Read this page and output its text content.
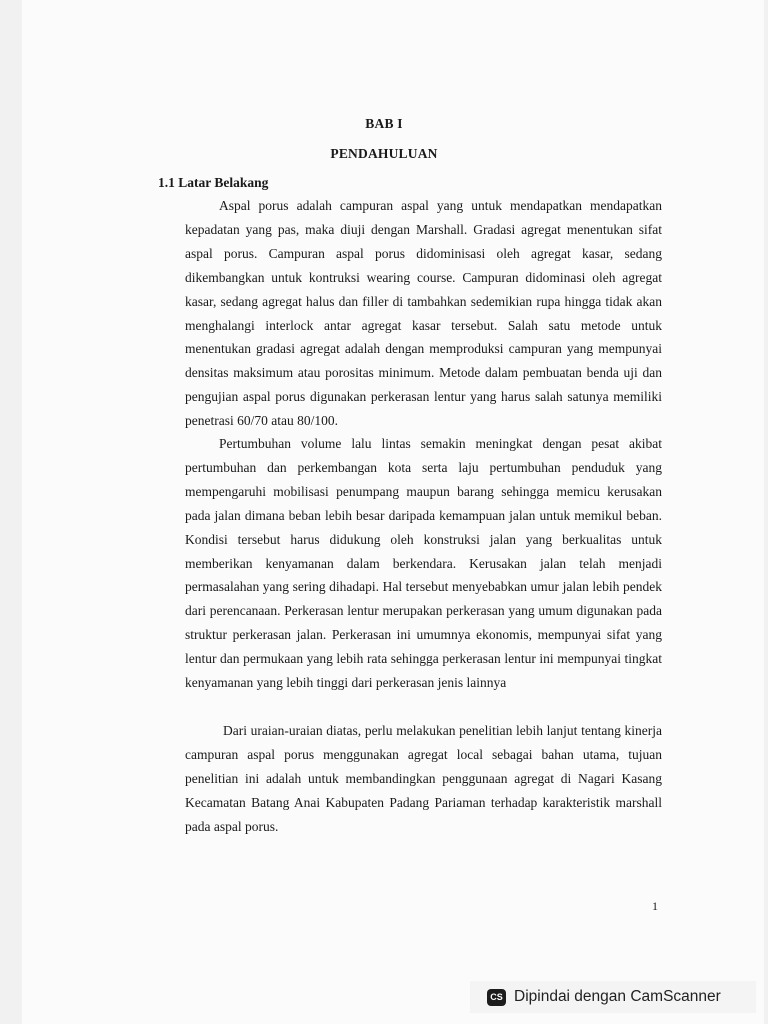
BAB I
PENDAHULUAN
1.1 Latar Belakang

Aspal porus adalah campuran aspal yang untuk mendapatkan mendapatkan kepadatan yang pas, maka diuji dengan Marshall. Gradasi agregat menentukan sifat aspal porus. Campuran aspal porus didominisasi oleh agregat kasar, sedang dikembangkan untuk kontruksi wearing course. Campuran didominasi oleh agregat kasar, sedang agregat halus dan filler di tambahkan sedemikian rupa hingga tidak akan menghalangi interlock antar agregat kasar tersebut. Salah satu metode untuk menentukan gradasi agregat adalah dengan memproduksi campuran yang mempunyai densitas maksimum atau porositas minimum. Metode dalam pembuatan benda uji dan pengujian aspal porus digunakan perkerasan lentur yang harus salah satunya memiliki penetrasi 60/70 atau 80/100.

Pertumbuhan volume lalu lintas semakin meningkat dengan pesat akibat pertumbuhan dan perkembangan kota serta laju pertumbuhan penduduk yang mempengaruhi mobilisasi penumpang maupun barang sehingga memicu kerusakan pada jalan dimana beban lebih besar daripada kemampuan jalan untuk memikul beban. Kondisi tersebut harus didukung oleh konstruksi jalan yang berkualitas untuk memberikan kenyamanan dalam berkendara. Kerusakan jalan telah menjadi permasalahan yang sering dihadapi. Hal tersebut menyebabkan umur jalan lebih pendek dari perencanaan. Perkerasan lentur merupakan perkerasan yang umum digunakan pada struktur perkerasan jalan. Perkerasan ini umumnya ekonomis, mempunyai sifat yang lentur dan permukaan yang lebih rata sehingga perkerasan lentur ini mempunyai tingkat kenyamanan yang lebih tinggi dari perkerasan jenis lainnya

Dari uraian-uraian diatas, perlu melakukan penelitian lebih lanjut tentang kinerja campuran aspal porus menggunakan agregat local sebagai bahan utama, tujuan penelitian ini adalah untuk membandingkan penggunaan agregat di Nagari Kasang Kecamatan Batang Anai Kabupaten Padang Pariaman terhadap karakteristik marshall pada aspal porus.

1
CS Dipindai dengan CamScanner
